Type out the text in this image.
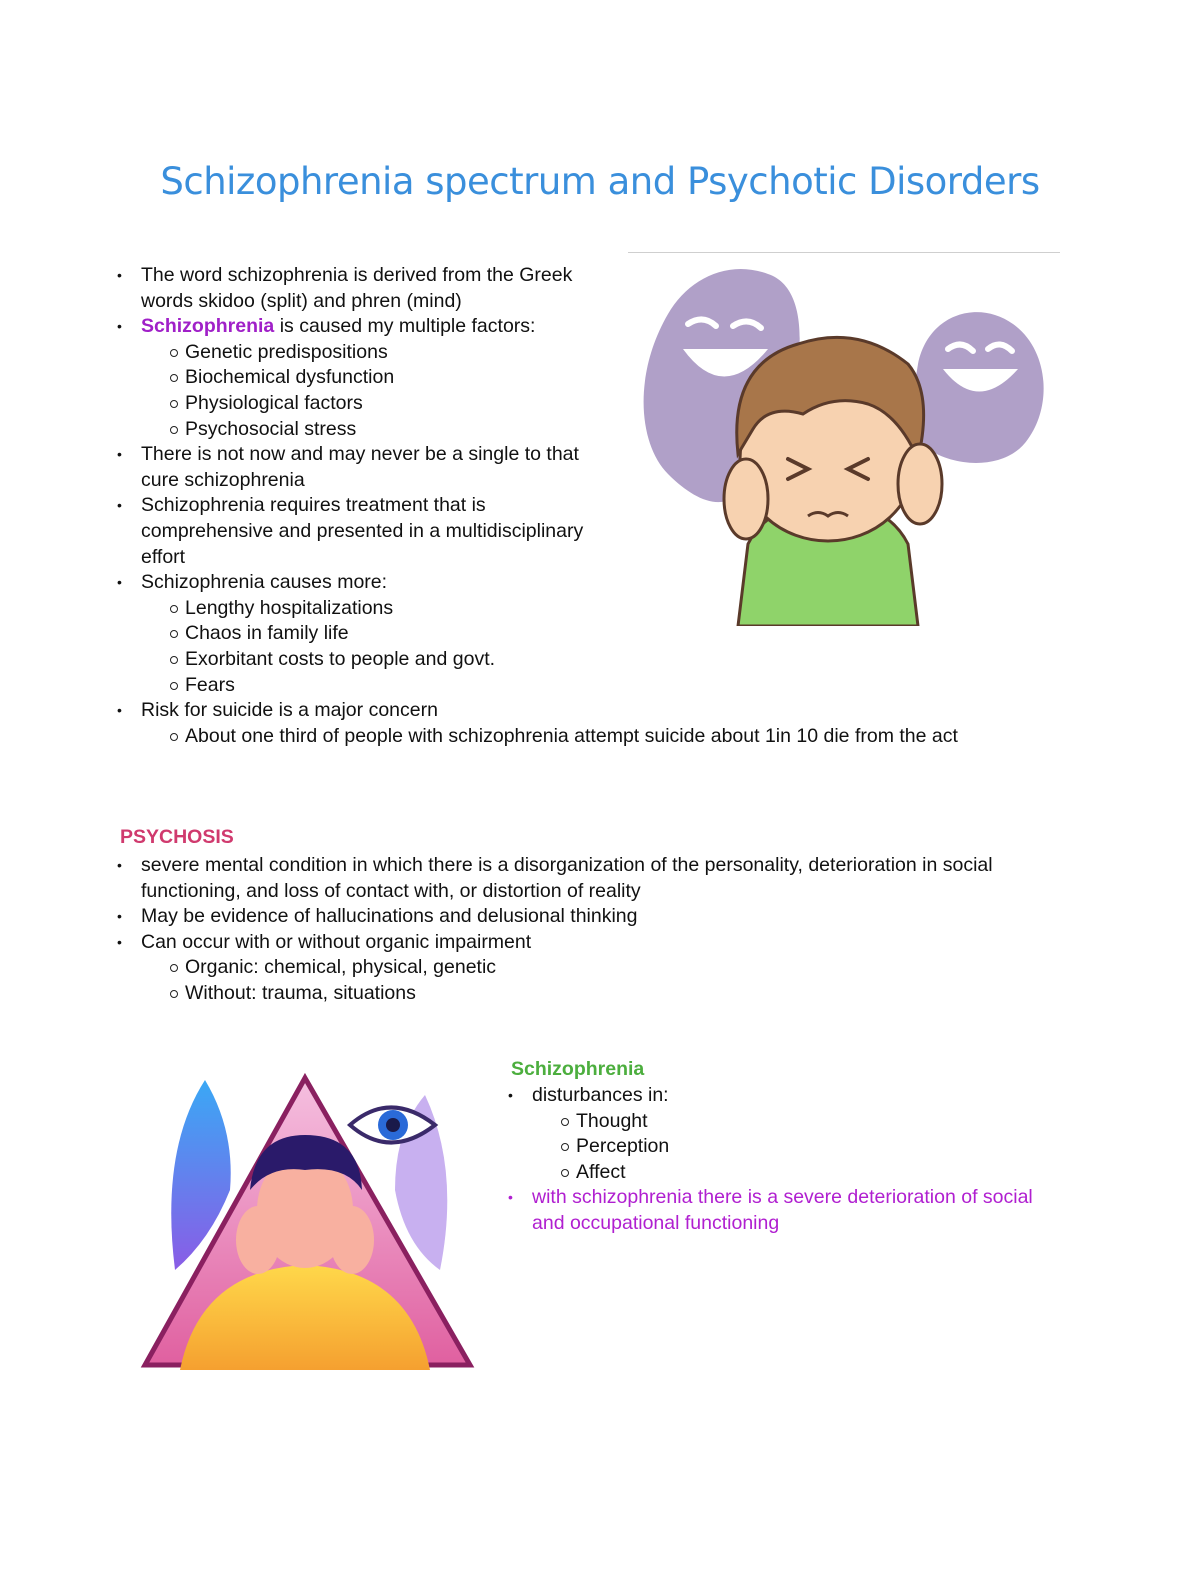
Schizophrenia spectrum and Psychotic Disorders
• The word schizophrenia is derived from the Greek words skidoo (split) and phren (mind)
• Schizophrenia is caused my multiple factors:
Genetic predispositions
Biochemical dysfunction
Physiological factors
Psychosocial stress
• There is not now and may never be a single to that cure schizophrenia
• Schizophrenia requires treatment that is comprehensive and presented in a multidisciplinary effort
• Schizophrenia causes more:
Lengthy hospitalizations
Chaos in family life
Exorbitant costs to people and govt.
Fears
• Risk for suicide is a major concern
About one third of people with schizophrenia attempt suicide about 1in 10 die from the act
PSYCHOSIS
• severe mental condition in which there is a disorganization of the personality, deterioration in social functioning, and loss of contact with, or distortion of reality
• May be evidence of hallucinations and delusional thinking
• Can occur with or without organic impairment
Organic: chemical, physical, genetic
Without: trauma, situations
Schizophrenia
• disturbances in:
Thought
Perception
Affect
• with schizophrenia there is a severe deterioration of social and occupational functioning
